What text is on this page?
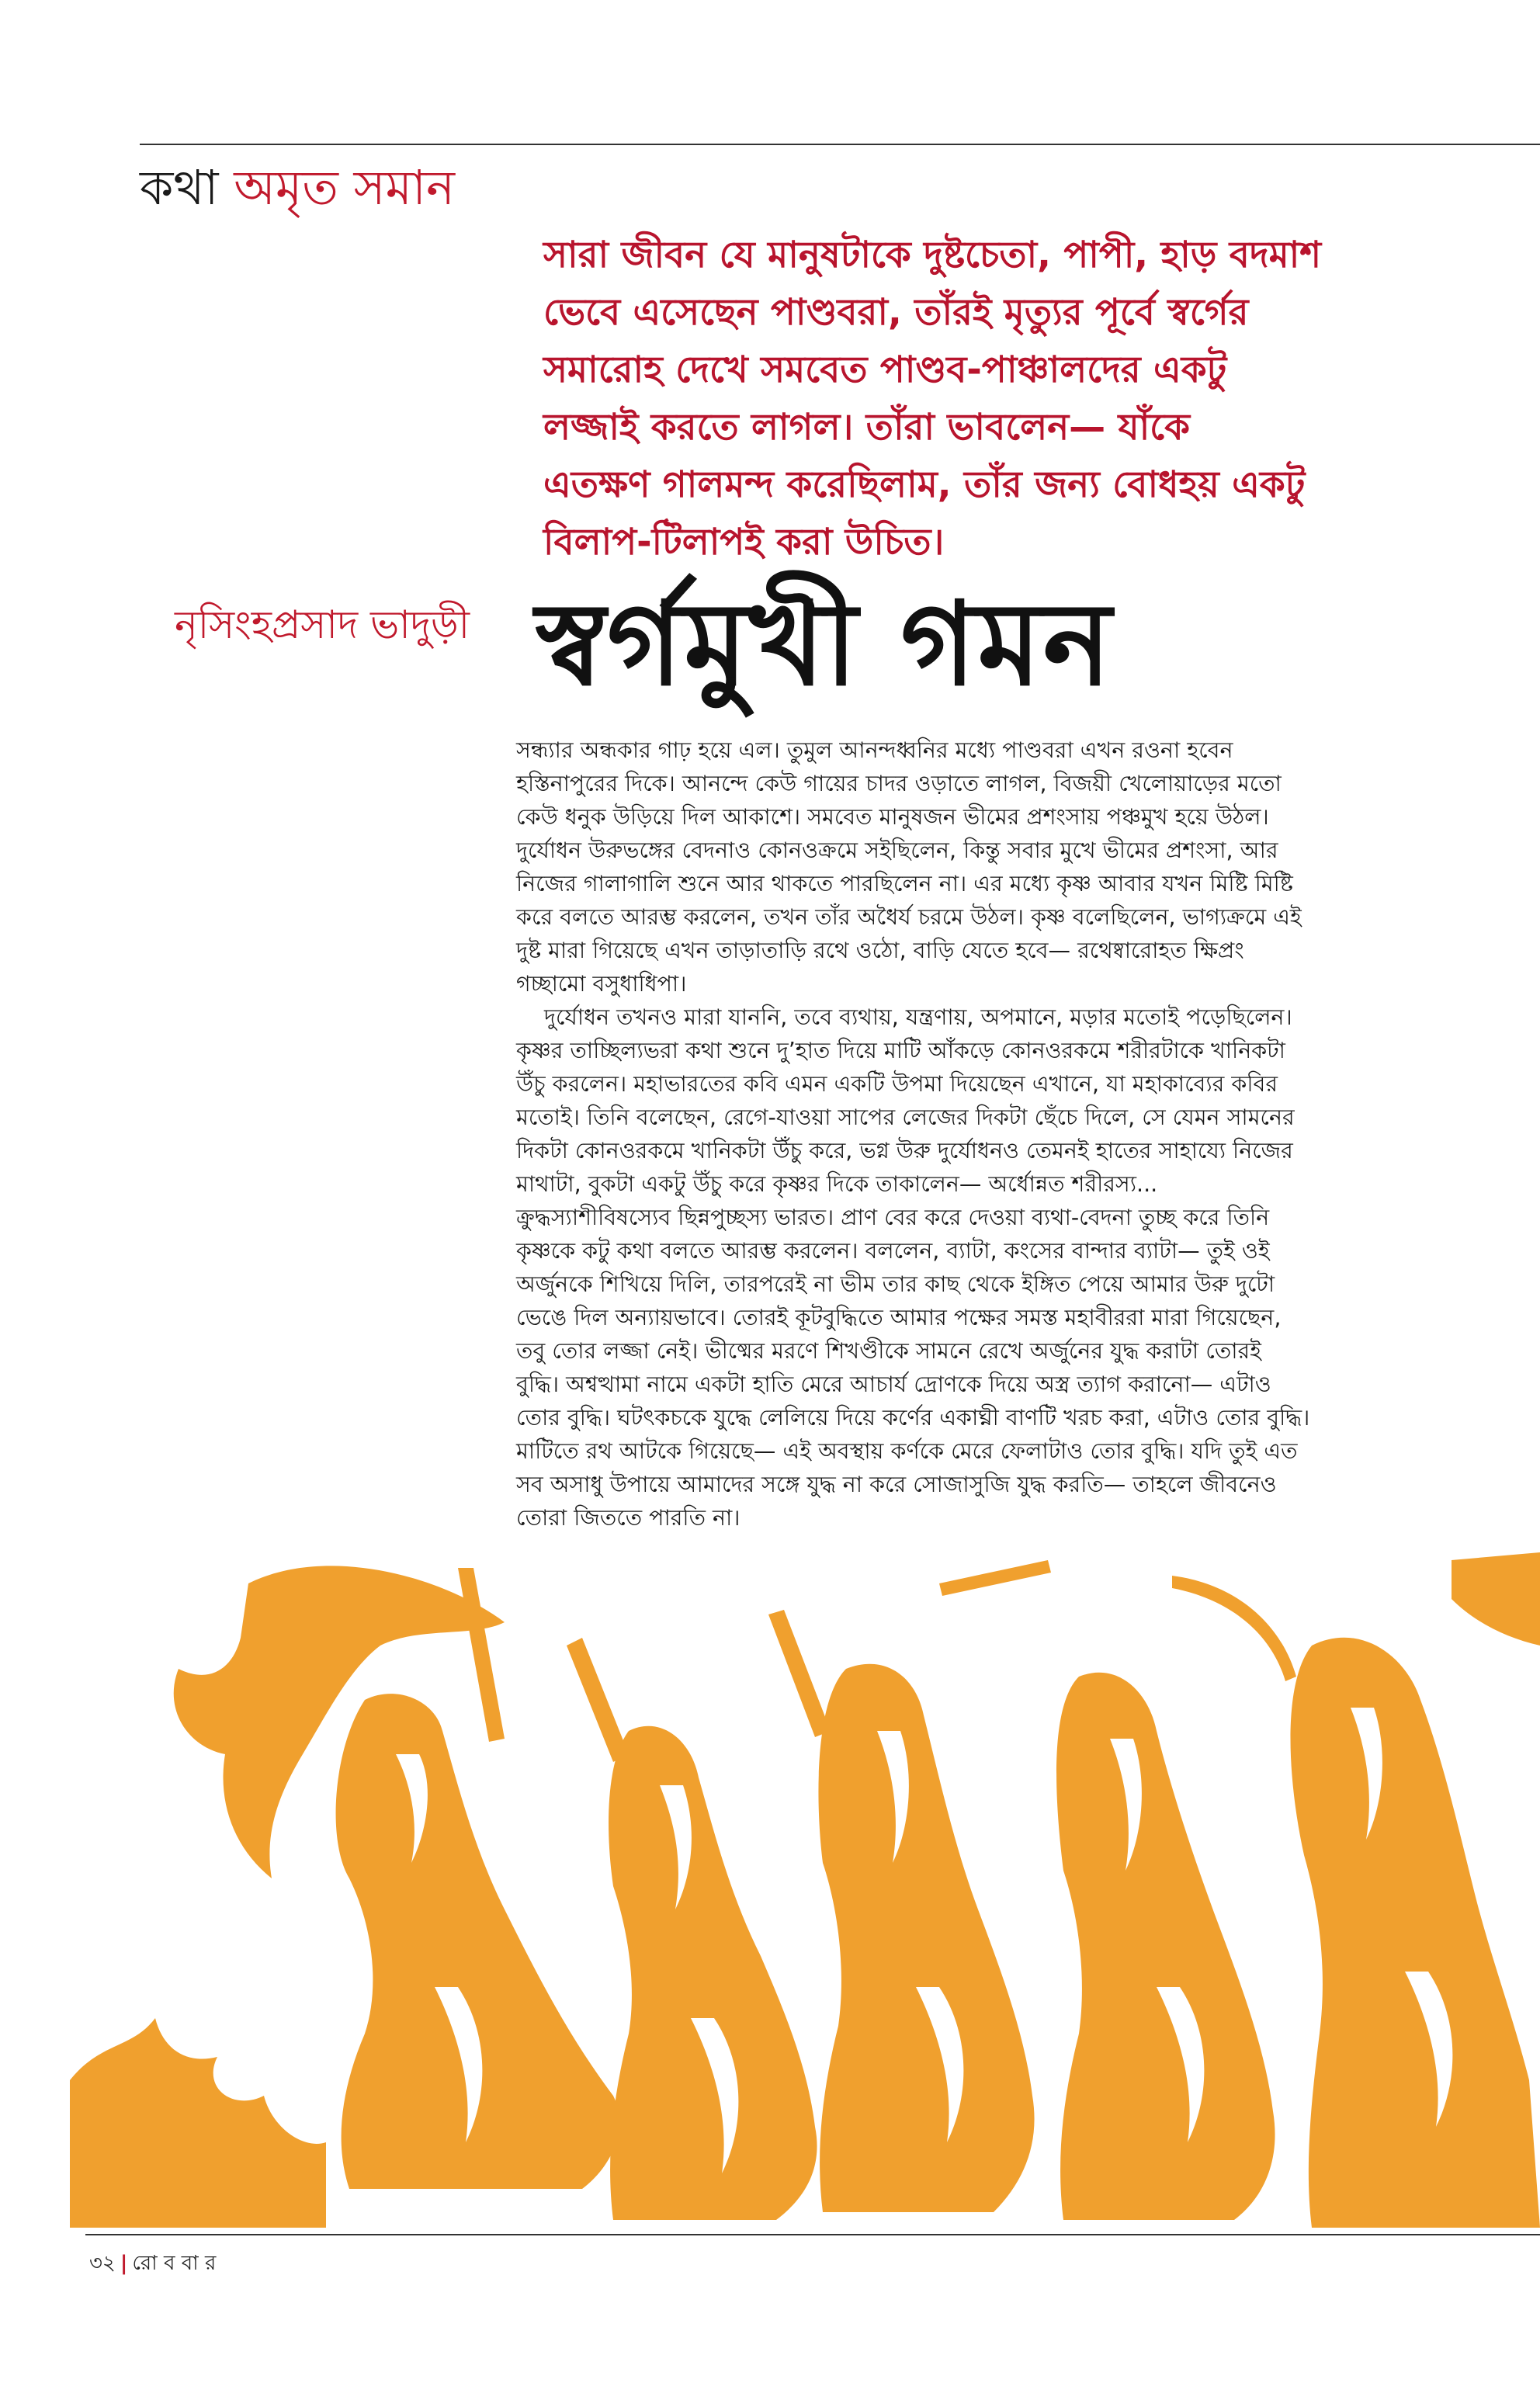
কথা অমৃত সমান
সারা জীবন যে মানুষটাকে দুষ্টচেতা, পাপী, হাড় বদমাশ
ভেবে এসেছেন পাণ্ডবরা, তাঁরই মৃত্যুর পূর্বে স্বর্গের
সমারোহ দেখে সমবেত পাণ্ডব-পাঞ্চালদের একটু
লজ্জাই করতে লাগল। তাঁরা ভাবলেন— যাঁকে
এতক্ষণ গালমন্দ করেছিলাম, তাঁর জন্য বোধহয় একটু
বিলাপ-টিলাপই করা উচিত।
নৃসিংহপ্রসাদ ভাদুড়ী স্বর্গমুখী গমন
সন্ধ্যার অন্ধকার গাঢ় হয়ে এল। তুমুল আনন্দধ্বনির মধ্যে পাণ্ডবরা এখন রওনা হবেন
হস্তিনাপুরের দিকে। আনন্দে কেউ গায়ের চাদর ওড়াতে লাগল, বিজয়ী খেলোয়াড়ের মতো
কেউ ধনুক উড়িয়ে দিল আকাশে। সমবেত মানুষজন ভীমের প্রশংসায় পঞ্চমুখ হয়ে উঠল।
দুর্যোধন উরুভঙ্গের বেদনাও কোনওক্রমে সইছিলেন, কিন্তু সবার মুখে ভীমের প্রশংসা, আর
নিজের গালাগালি শুনে আর থাকতে পারছিলেন না। এর মধ্যে কৃষ্ণ আবার যখন মিষ্টি মিষ্টি
করে বলতে আরম্ভ করলেন, তখন তাঁর অধৈর্য চরমে উঠল। কৃষ্ণ বলেছিলেন, ভাগ্যক্রমে এই
দুষ্ট মারা গিয়েছে এখন তাড়াতাড়ি রথে ওঠো, বাড়ি যেতে হবে— রথেষ্বারোহত ক্ষিপ্রং
গচ্ছামো বসুধাধিপা।
দুর্যোধন তখনও মারা যাননি, তবে ব্যথায়, যন্ত্রণায়, অপমানে, মড়ার মতোই পড়েছিলেন।
কৃষ্ণর তাচ্ছিল্যভরা কথা শুনে দু’হাত দিয়ে মাটি আঁকড়ে কোনওরকমে শরীরটাকে খানিকটা
উঁচু করলেন। মহাভারতের কবি এমন একটি উপমা দিয়েছেন এখানে, যা মহাকাব্যের কবির
মতোই। তিনি বলেছেন, রেগে-যাওয়া সাপের লেজের দিকটা ছেঁচে দিলে, সে যেমন সামনের
দিকটা কোনওরকমে খানিকটা উঁচু করে, ভগ্ন উরু দুর্যোধনও তেমনই হাতের সাহায্যে নিজের
মাথাটা, বুকটা একটু উঁচু করে কৃষ্ণর দিকে তাকালেন— অর্ধোন্নত শরীরস্য...
ক্রুদ্ধস্যাশীবিষস্যেব ছিন্নপুচ্ছস্য ভারত। প্রাণ বের করে দেওয়া ব্যথা-বেদনা তুচ্ছ করে তিনি
কৃষ্ণকে কটু কথা বলতে আরম্ভ করলেন। বললেন, ব্যাটা, কংসের বান্দার ব্যাটা— তুই ওই
অর্জুনকে শিখিয়ে দিলি, তারপরেই না ভীম তার কাছ থেকে ইঙ্গিত পেয়ে আমার উরু দুটো
ভেঙে দিল অন্যায়ভাবে। তোরই কূটবুদ্ধিতে আমার পক্ষের সমস্ত মহাবীররা মারা গিয়েছেন,
তবু তোর লজ্জা নেই। ভীষ্মের মরণে শিখণ্ডীকে সামনে রেখে অর্জুনের যুদ্ধ করাটা তোরই
বুদ্ধি। অশ্বত্থামা নামে একটা হাতি মেরে আচার্য দ্রোণকে দিয়ে অস্ত্র ত্যাগ করানো— এটাও
তোর বুদ্ধি। ঘটৎকচকে যুদ্ধে লেলিয়ে দিয়ে কর্ণের একাঘ্নী বাণটি খরচ করা, এটাও তোর বুদ্ধি।
মাটিতে রথ আটকে গিয়েছে— এই অবস্থায় কর্ণকে মেরে ফেলাটাও তোর বুদ্ধি। যদি তুই এত
সব অসাধু উপায়ে আমাদের সঙ্গে যুদ্ধ না করে সোজাসুজি যুদ্ধ করতি— তাহলে জীবনেও
তোরা জিততে পারতি না।
৩২ | রো ব বা র
